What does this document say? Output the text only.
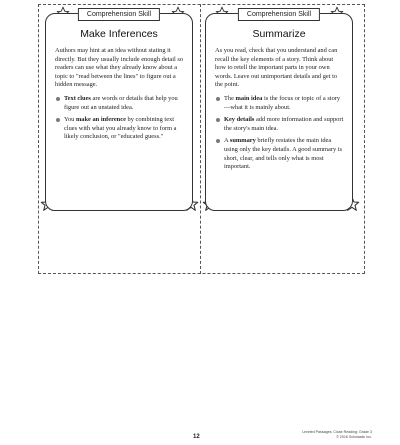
Comprehension Skill
Make Inferences

Authors may hint at an idea without stating it directly. But they usually include enough detail so readers can use what they already know about a topic to "read between the lines" to figure out a hidden message.

Text clues are words or details that help you figure out an unstated idea.
You make an inference by combining text clues with what you already know to form a likely conclusion, or "educated guess."
Comprehension Skill
Summarize

As you read, check that you understand and can recall the key elements of a story. Think about how to retell the important parts in your own words. Leave out unimportant details and get to the point.

The main idea is the focus or topic of a story—what it is mainly about.
Key details add more information and support the story's main idea.
A summary briefly restates the main idea using only the key details. A good summary is short, clear, and tells only what is most important.
12
Leveled Passages: Close Reading: Grade 3
© 2016 Scholastic Inc.
